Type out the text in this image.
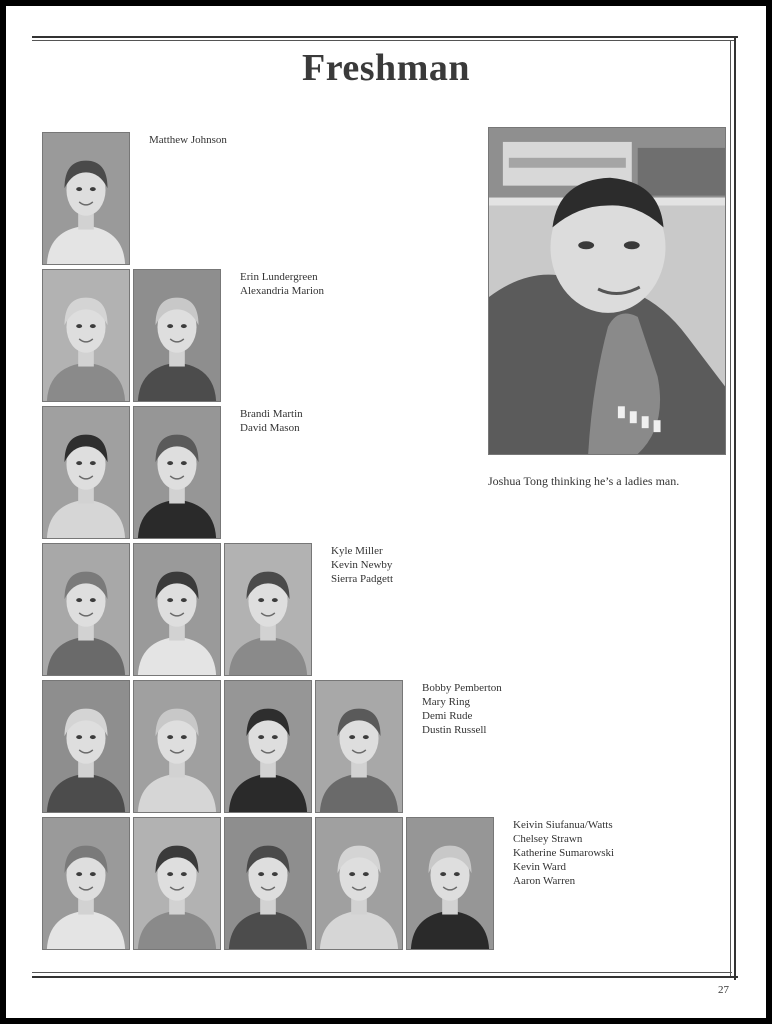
Freshman
Matthew Johnson
Erin Lundergreen
Alexandria Marion
Brandi Martin
David Mason
Kyle Miller
Kevin Newby
Sierra Padgett
Bobby Pemberton
Mary Ring
Demi Rude
Dustin Russell
Keivin Siufanua/Watts
Chelsey Strawn
Katherine Sumarowski
Kevin Ward
Aaron Warren
Joshua Tong thinking he’s a ladies man.
27
